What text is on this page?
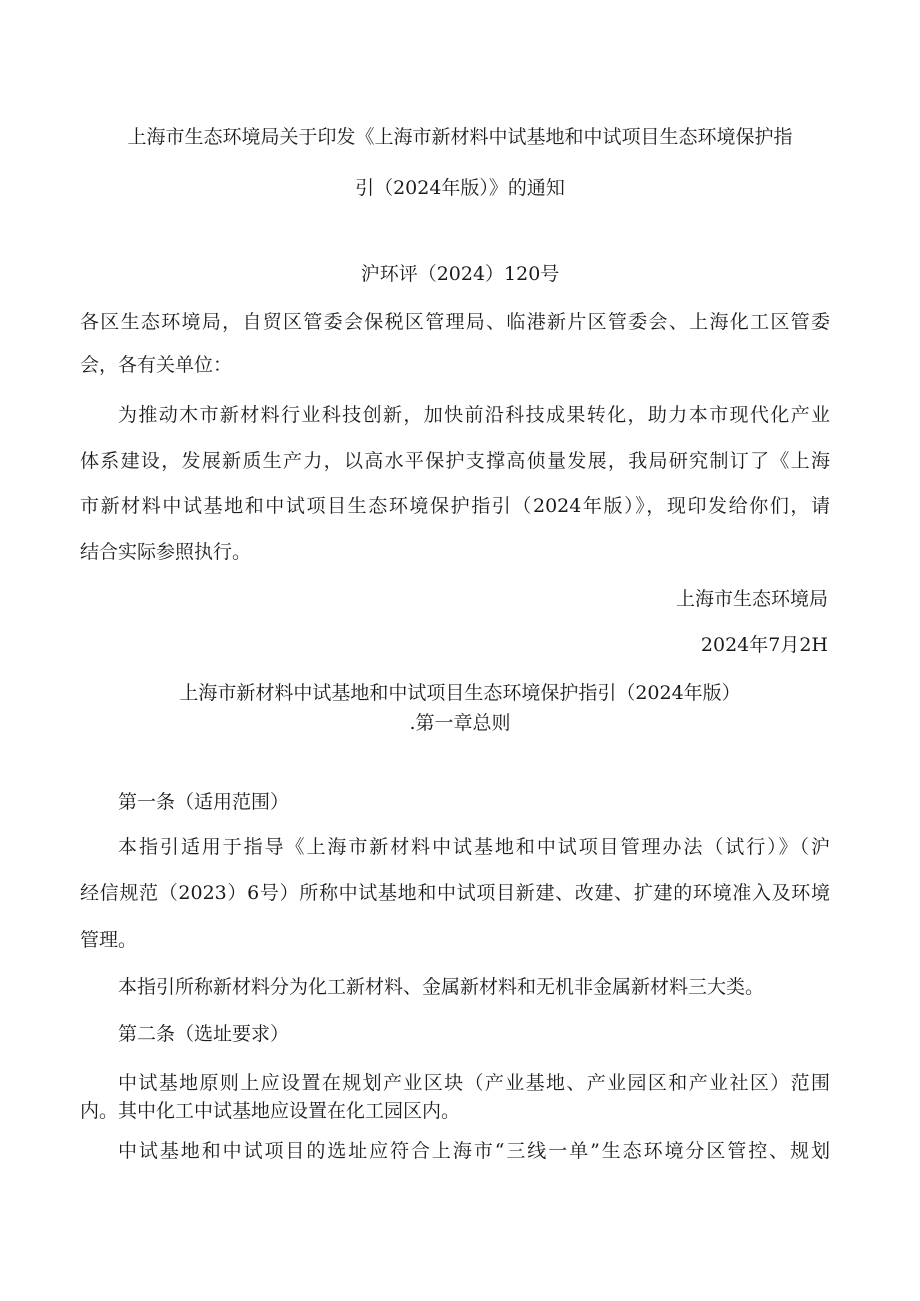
上海市生态环境局关于印发《上海市新材料中试基地和中试项目生态环境保护指
引（2024年版）》的通知
沪环评（2024）120号
各区生态环境局，自贸区管委会保税区管理局、临港新片区管委会、上海化工区管委
会，各有关单位：
为推动木市新材料行业科技创新，加快前沿科技成果转化，助力本市现代化产业
体系建设，发展新质生产力，以高水平保护支撑高侦量发展，我局研究制订了《上海
市新材料中试基地和中试项目生态环境保护指引（2024年版）》，现印发给你们，请
结合实际参照执行。
上海市生态环境局
2024年7月2H
上海市新材料中试基地和中试项目生态环境保护指引（2024年版）
.第一章总则
第一条（适用范围）
本指引适用于指导《上海市新材料中试基地和中试项目管理办法（试行）》（沪
经信规范（2023）6号）所称中试基地和中试项目新建、改建、扩建的环境准入及环境
管理。
本指引所称新材料分为化工新材料、金属新材料和无机非金属新材料三大类。
第二条（选址要求）
中试基地原则上应设置在规划产业区块（产业基地、产业园区和产业社区）范围
内。其中化工中试基地应设置在化工园区内。
中试基地和中试项目的选址应符合上海市“三线一单”生态环境分区管控、规划
